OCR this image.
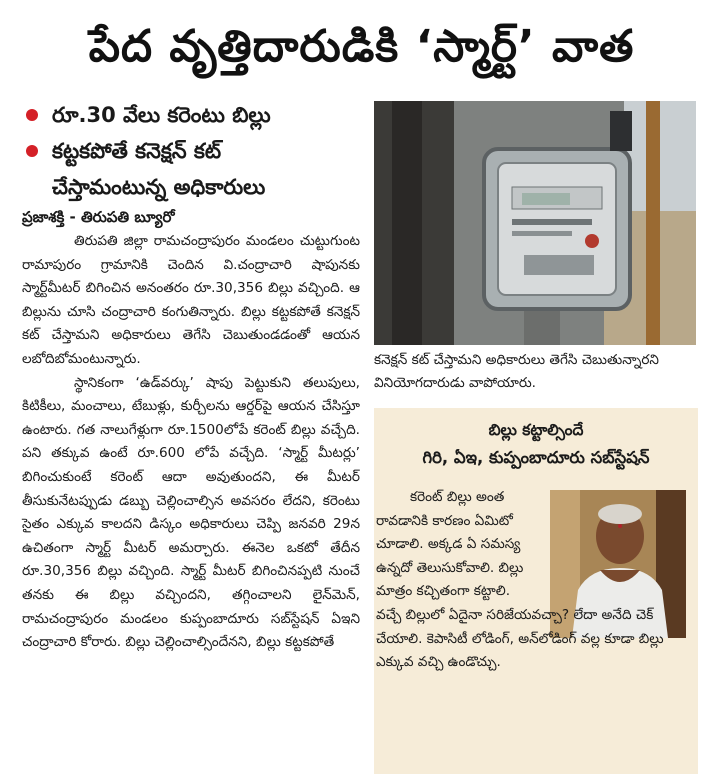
పేద వృత్తిదారుడికి ‘స్మార్ట్’ వాత
రూ.30 వేలు కరెంటు బిల్లు
కట్టకపోతే కనెక్షన్ కట్
చేస్తామంటున్న అధికారులు
ప్రజాశక్తి - తిరుపతి బ్యూరో

తిరుపతి జిల్లా రామచంద్రాపురం మండలం చుట్టుగుంట రామాపురం గ్రామానికి చెందిన వి.చంద్రాచారి షాపునకు స్మార్ట్‌మీటర్ బిగించిన అనంతరం రూ.30,356 బిల్లు వచ్చింది. ఆ బిల్లును చూసి చంద్రాచారి కంగుతిన్నారు. బిల్లు కట్టకపోతే కనెక్షన్ కట్ చేస్తామని అధికారులు తెగేసి చెబుతుండడంతో ఆయన లబోదిబోమంటున్నారు.

స్థానికంగా ‘ఉడ్‌వర్కు’ షాపు పెట్టుకుని తలుపులు, కిటికీలు, మంచాలు, టేబుళ్లు, కుర్చీలను ఆర్డర్‌పై ఆయన చేసిస్తూ ఉంటారు. గత నాలుగేళ్లుగా రూ.1500లోపే కరెంట్ బిల్లు వచ్చేది. పని తక్కువ ఉంటే రూ.600 లోపే వచ్చేది. ‘స్మార్ట్ మీటర్లు’ బిగించుకుంటే కరెంట్ ఆదా అవుతుందని, ఈ మీటర్ తీసుకునేటప్పుడు డబ్బు చెల్లించాల్సిన అవసరం లేదని, కరెంటు సైతం ఎక్కువ కాలదని డిస్కం అధికారులు చెప్పి జనవరి 29న ఉచితంగా స్మార్ట్ మీటర్ అమర్చారు. ఈనెల ఒకటో తేదీన రూ.30,356 బిల్లు వచ్చింది. స్మార్ట్ మీటర్ బిగించినప్పటి నుంచే తనకు ఈ బిల్లు వచ్చిందని, తగ్గించాలని లైన్‌మెన్, రామచంద్రాపురం మండలం కుప్పంబాదూరు సబ్‌స్టేషన్ ఏఇని చంద్రాచారి కోరారు. బిల్లు చెల్లించాల్సిందేనని, బిల్లు కట్టకపోతే

కనెక్షన్ కట్ చేస్తామని అధికారులు తెగేసి చెబుతున్నారని వినియోగదారుడు వాపోయారు.
బిల్లు కట్టాల్సిందే
గిరి, ఏఇ, కుప్పంబాదూరు సబ్‌స్టేషన్
కరెంట్ బిల్లు అంత రావడానికి కారణం ఏమిటో చూడాలి. అక్కడ ఏ సమస్య ఉన్నదో తెలుసుకోవాలి. బిల్లు మాత్రం కచ్చితంగా కట్టాలి.
వచ్చే బిల్లులో ఏదైనా సరిజేయవచ్చా? లేదా అనేది చెక్ చేయాలి. కెపాసిటీ లోడింగ్, అన్‌లోడింగ్ వల్ల కూడా బిల్లు ఎక్కువ వచ్చి ఉండొచ్చు.
